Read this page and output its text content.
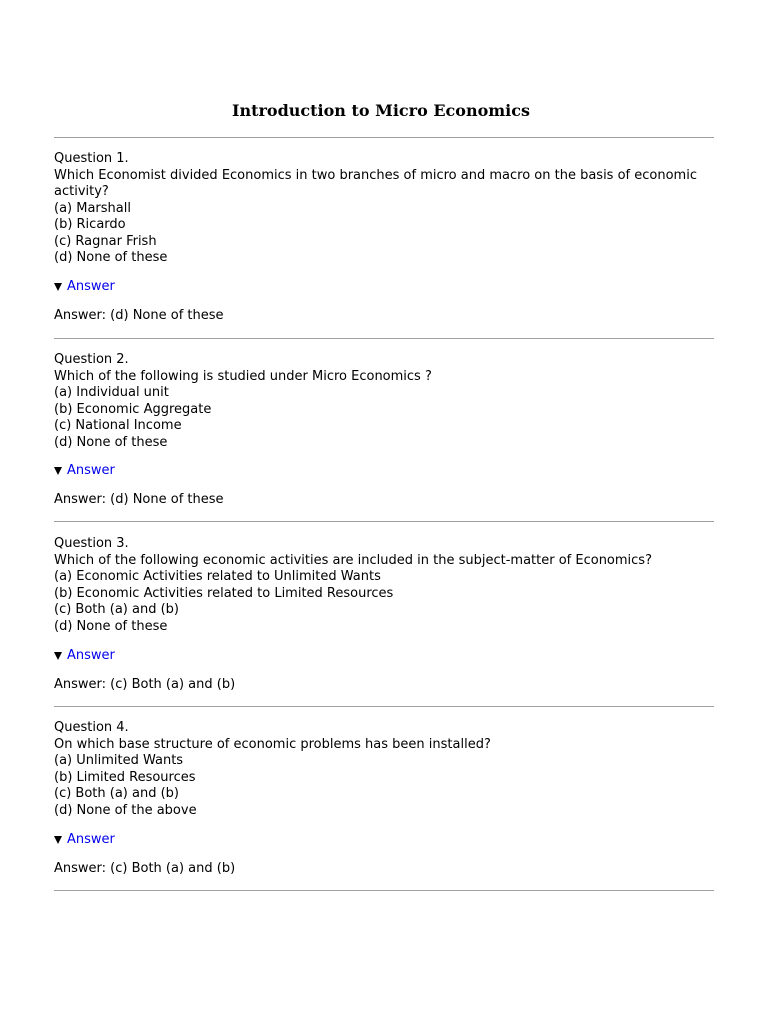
Introduction to Micro Economics
Question 1.
Which Economist divided Economics in two branches of micro and macro on the basis of economic activity?
(a) Marshall
(b) Ricardo
(c) Ragnar Frish
(d) None of these
Answer
Answer: (d) None of these
Question 2.
Which of the following is studied under Micro Economics ?
(a) Individual unit
(b) Economic Aggregate
(c) National Income
(d) None of these
Answer
Answer: (d) None of these
Question 3.
Which of the following economic activities are included in the subject-matter of Economics?
(a) Economic Activities related to Unlimited Wants
(b) Economic Activities related to Limited Resources
(c) Both (a) and (b)
(d) None of these
Answer
Answer: (c) Both (a) and (b)
Question 4.
On which base structure of economic problems has been installed?
(a) Unlimited Wants
(b) Limited Resources
(c) Both (a) and (b)
(d) None of the above
Answer
Answer: (c) Both (a) and (b)
